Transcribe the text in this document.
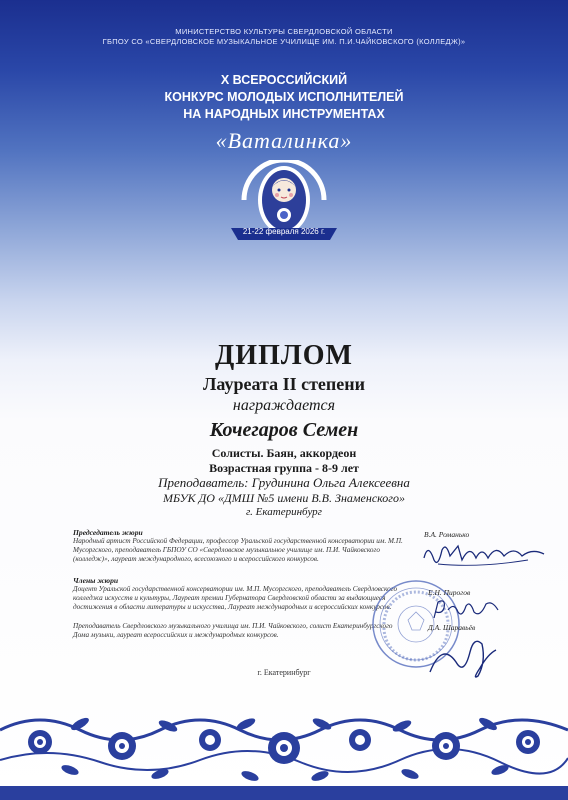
МИНИСТЕРСТВО КУЛЬТУРЫ СВЕРДЛОВСКОЙ ОБЛАСТИ
ГБПОУ СО «СВЕРДЛОВСКОЕ МУЗЫКАЛЬНОЕ УЧИЛИЩЕ ИМ. П.И.ЧАЙКОВСКОГО (КОЛЛЕДЖ)»
Х ВСЕРОССИЙСКИЙ
КОНКУРС МОЛОДЫХ ИСПОЛНИТЕЛЕЙ
НА НАРОДНЫХ ИНСТРУМЕНТАХ
«Ваталинка»
21-22 февраля 2026 г.
ДИПЛОМ
Лауреата II степени
награждается
Кочегаров Семен
Солисты. Баян, аккордеон
Возрастная группа - 8-9 лет
Преподаватель: Грудинина Ольга Алексеевна
МБУК ДО «ДМШ №5 имени В.В. Знаменского»
г. Екатеринбург
Председатель жюри
Народный артист Российской Федерации, профессор Уральской государственной консерватории им. М.П. Мусоргского, преподаватель ГБПОУ СО «Свердловское музыкальное училище им. П.И. Чайковского (колледж)», лауреат международного, всесоюзного и всероссийского конкурсов.
Члены жюри
Доцент Уральской государственной консерватории им. М.П. Мусоргского, преподаватель Свердловского колледжа искусств и культуры, Лауреат премии Губернатора Свердловской области за выдающиеся достижения в области литературы и искусства, Лауреат международных и всероссийских конкурсов.
Преподаватель Свердловского музыкального училища им. П.И. Чайковского, солист Екатеринбургского Дома музыки, лауреат всероссийских и международных конкурсов.
В.А. Романько
Е.Н. Пирогов
Д.А. Шаравьёв
г. Екатеринбург
